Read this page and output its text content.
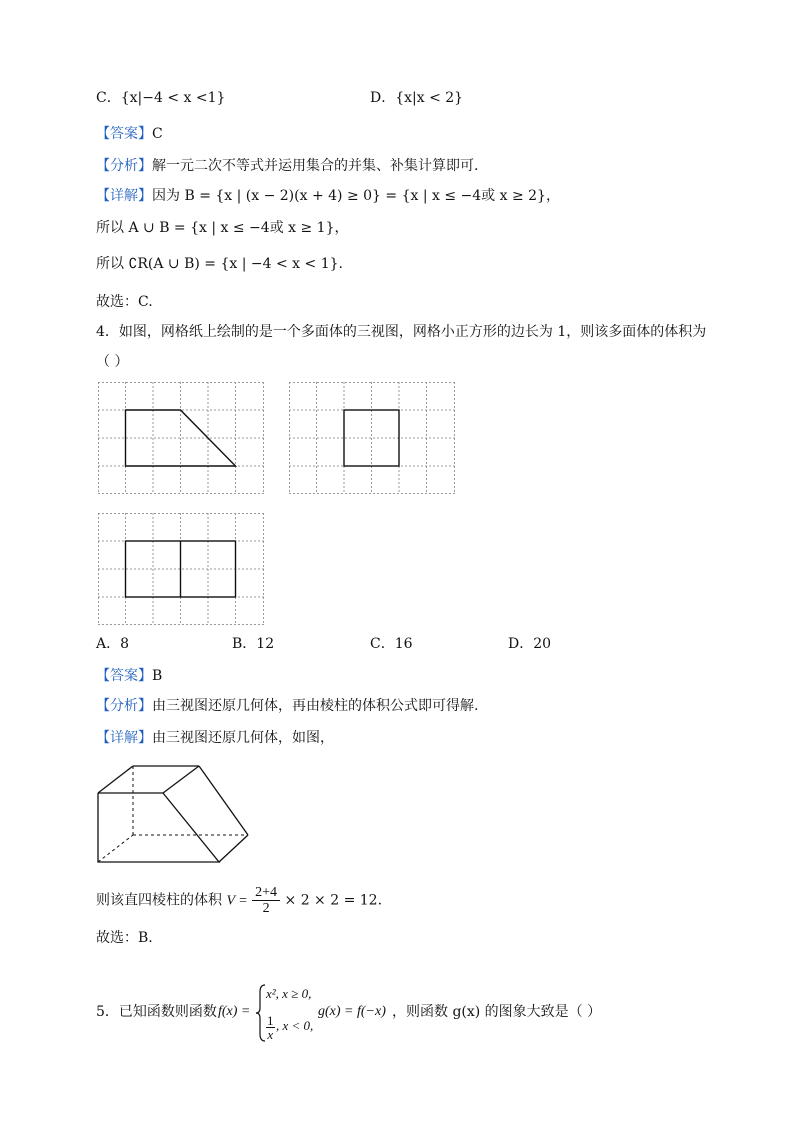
C．{x|−4 < x <1}	D．{x|x < 2}
【答案】C
【分析】解一元二次不等式并运用集合的并集、补集计算即可.
【详解】因为 B = {x | (x − 2)(x + 4) ≥ 0} = {x | x ≤ −4或 x ≥ 2}，
所以 A ∪ B = {x | x ≤ −4或 x ≥ 1}，
所以 ∁R(A ∪ B) = {x | −4 < x < 1}.
故选：C.
4．如图，网格纸上绘制的是一个多面体的三视图，网格小正方形的边长为 1，则该多面体的体积为
（ ）
A．8	B．12	C．16	D．20
【答案】B
【分析】由三视图还原几何体，再由棱柱的体积公式即可得解.
【详解】由三视图还原几何体，如图，
则该直四棱柱的体积 $V = \frac{2+4}{2} \times 2 \times 2 = 12$.
故选：B.
5．已知函数则函数 f(x) =
x², x ≥ 0,
$\frac{1}{x}$ , x < 0,
g(x) = f(−x) ，则函数 g(x) 的图象大致是（ ）
